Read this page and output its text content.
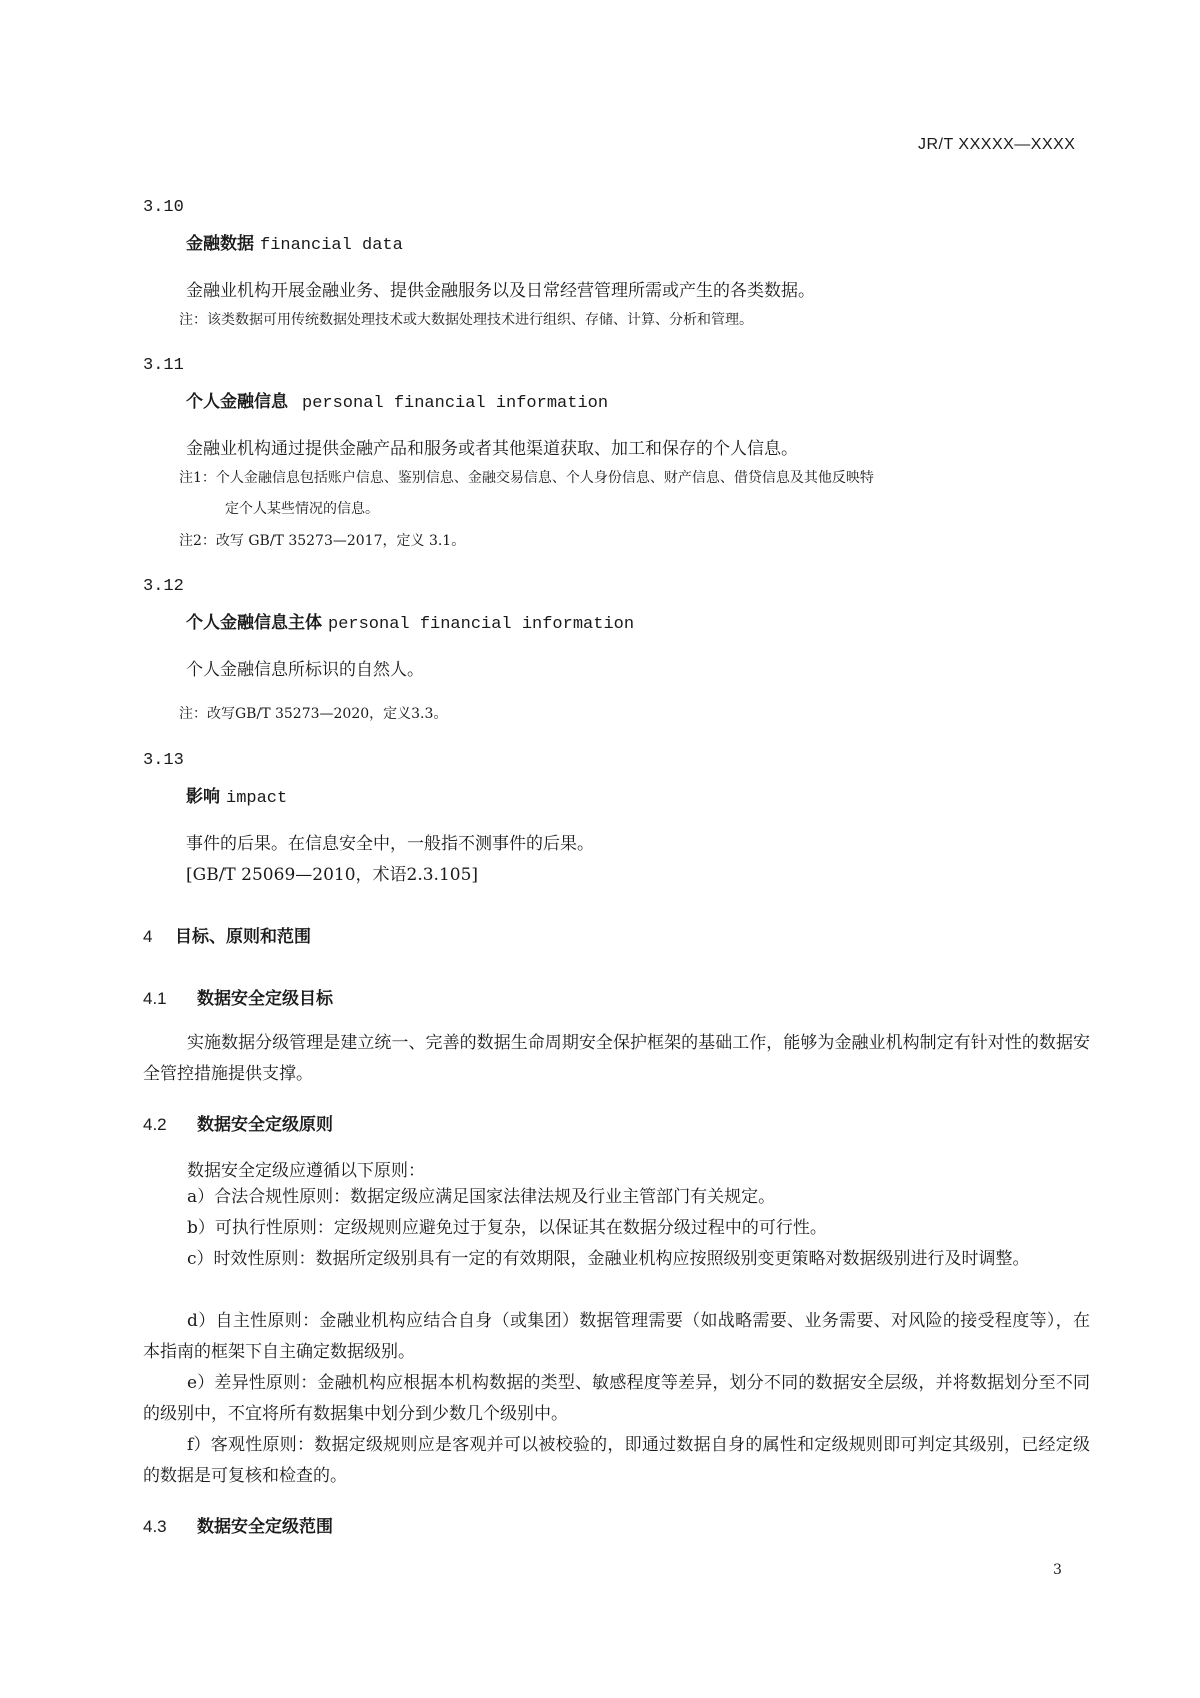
JR/T XXXXX—XXXX
3.10
金融数据 financial data
金融业机构开展金融业务、提供金融服务以及日常经营管理所需或产生的各类数据。
注：该类数据可用传统数据处理技术或大数据处理技术进行组织、存储、计算、分析和管理。
3.11
个人金融信息 personal financial information
金融业机构通过提供金融产品和服务或者其他渠道获取、加工和保存的个人信息。
注1：个人金融信息包括账户信息、鉴别信息、金融交易信息、个人身份信息、财产信息、借贷信息及其他反映特
定个人某些情况的信息。
注2：改写 GB/T 35273—2017，定义 3.1。
3.12
个人金融信息主体 personal financial information
个人金融信息所标识的自然人。
注：改写GB/T 35273—2020，定义3.3。
3.13
影响 impact
事件的后果。在信息安全中，一般指不测事件的后果。
[GB/T 25069—2010，术语2.3.105]
4 目标、原则和范围
4.1 数据安全定级目标
实施数据分级管理是建立统一、完善的数据生命周期安全保护框架的基础工作，能够为金融业机构制定有针对性的数据安全管控措施提供支撑。
4.2 数据安全定级原则
数据安全定级应遵循以下原则：
a）合法合规性原则：数据定级应满足国家法律法规及行业主管部门有关规定。
b）可执行性原则：定级规则应避免过于复杂，以保证其在数据分级过程中的可行性。
c）时效性原则：数据所定级别具有一定的有效期限，金融业机构应按照级别变更策略对数据级别进行及时调整。
d）自主性原则：金融业机构应结合自身（或集团）数据管理需要（如战略需要、业务需要、对风险的接受程度等），在本指南的框架下自主确定数据级别。
e）差异性原则：金融机构应根据本机构数据的类型、敏感程度等差异，划分不同的数据安全层级，并将数据划分至不同的级别中，不宜将所有数据集中划分到少数几个级别中。
f）客观性原则：数据定级规则应是客观并可以被校验的，即通过数据自身的属性和定级规则即可判定其级别，已经定级的数据是可复核和检查的。
4.3 数据安全定级范围
3
